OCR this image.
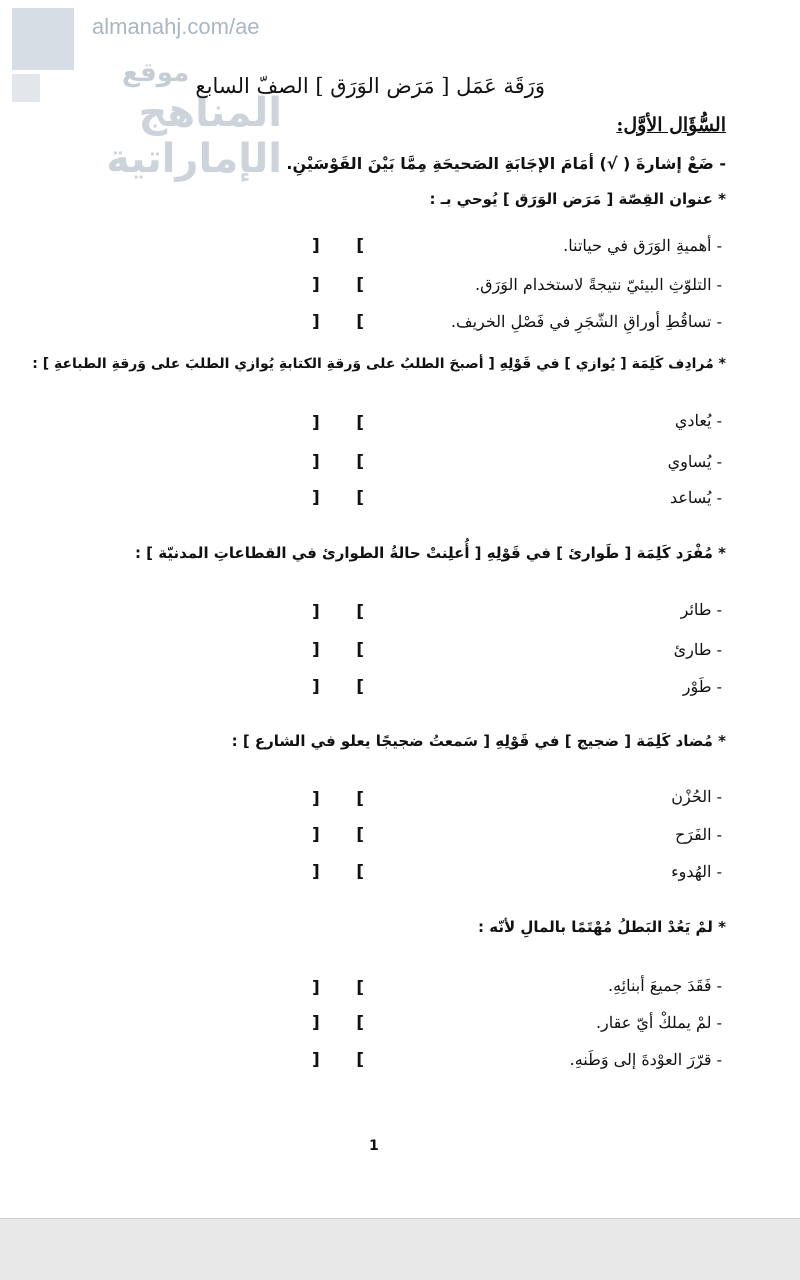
almanahj.com/ae
موقع
المناهج الإماراتية
وَرَقَة عَمَل [ مَرَض الوَرَق ] الصفّ السابع
السُّؤَال الأوَّل:
- ضَعْ إشارةَ ( √) أمَامَ الإجَابَةِ الصَحيحَةِ مِمَّا بَيْنَ القَوْسَيْنِ.
* عنوان القِصّة [ مَرَض الوَرَق ] يُوحي بـ :
- أهميةِ الوَرَق في حياتنا.
] [
- التلوّثِ البيئيّ نتيجةً لاستخدام الوَرَق.
] [
- تساقُطِ أوراقِ الشّجَرِ في فَصْلِ الخريف.
] [
* مُرادِف كَلِمَة [ يُوازي ] في قَوْلِهِ [ أصبحَ الطلبُ على وَرقةِ الكتابةِ يُوازي الطلبَ على وَرقةِ الطباعةِ ] :
- يُعادي
] [
- يُساوي
] [
- يُساعد
] [
* مُفْرَد كَلِمَة [ طَوارئ ] في قَوْلِهِ [ أُعلِنتْ حالةُ الطوارئ في القطاعاتِ المدنيّة ] :
- طائر
] [
- طارئ
] [
- طَوْر
] [
* مُضاد كَلِمَة [ ضجيج ] في قَوْلِهِ [ سَمعتُ ضجيجًا يعلو في الشارع ] :
- الحُزْن
] [
- الفَرَح
] [
- الهُدوء
] [
* لمْ يَعُدْ البَطلُ مُهْتَمًا بالمالِ لأنّه :
- فَقَدَ جميعَ أبنائِهِ.
] [
- لمْ يملكْ أيّ عقار.
] [
- قرّرَ العوْدةَ إلى وَطَنهِ.
] [
1
